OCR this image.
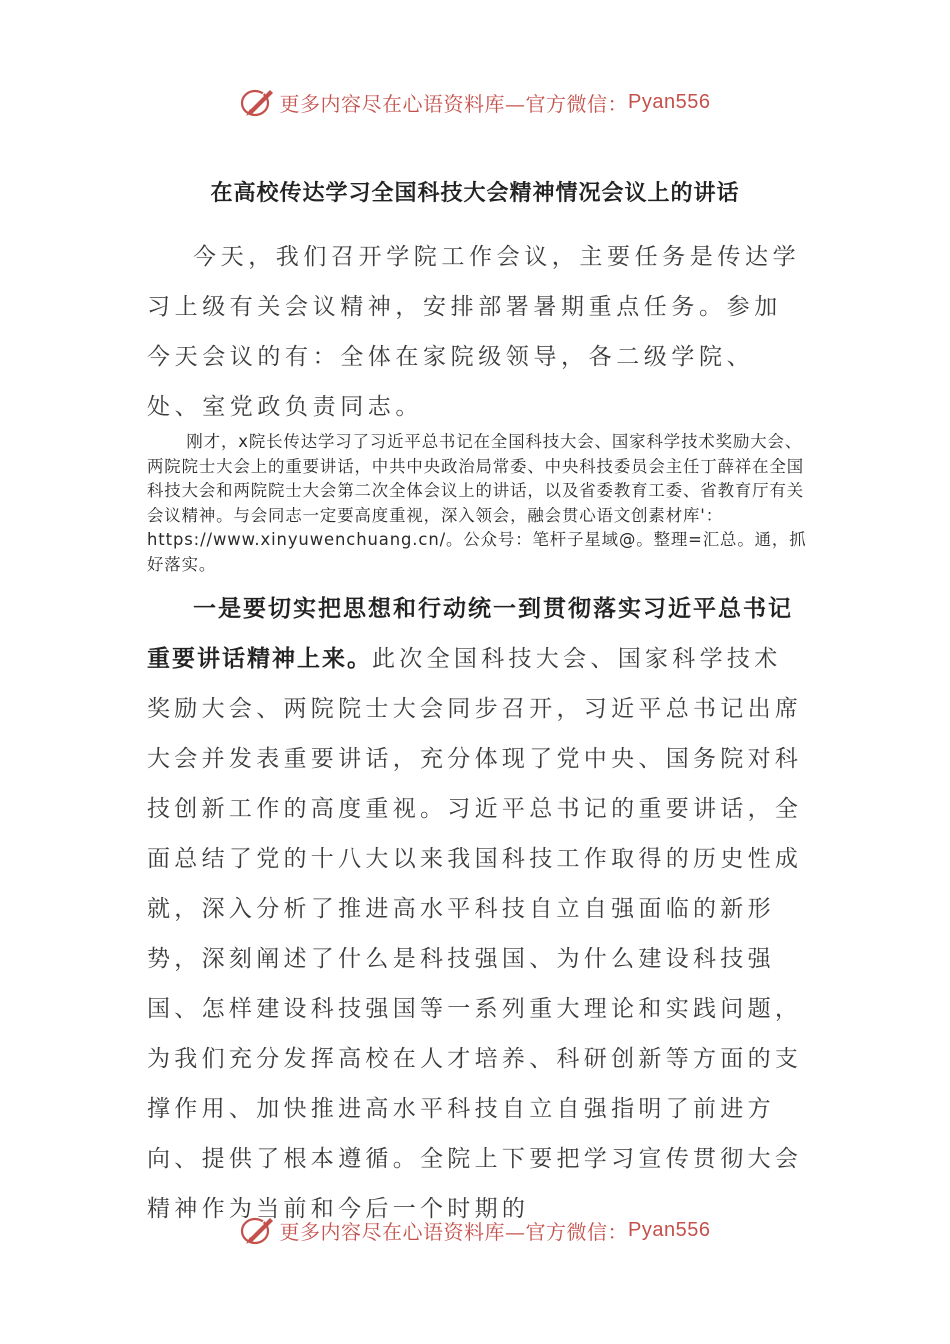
更多内容尽在心语资料库—官方微信： Pyan556
在高校传达学习全国科技大会精神情况会议上的讲话

今天，我们召开学院工作会议，主要任务是传达学习上级有关会议精神，安排部署暑期重点任务。参加今天会议的有：全体在家院级领导，各二级学院、处、室党政负责同志。

刚才，x院长传达学习了习近平总书记在全国科技大会、国家科学技术奖励大会、两院院士大会上的重要讲话，中共中央政治局常委、中央科技委员会主任丁薛祥在全国科技大会和两院院士大会第二次全体会议上的讲话，以及省委教育工委、省教育厅有关会议精神。与会同志一定要高度重视，深入领会，融会贯心语文创素材库'：https://www.xinyuwenchuang.cn/。公众号：笔杆子星域@。整理=汇总。通，抓好落实。

一是要切实把思想和行动统一到贯彻落实习近平总书记重要讲话精神上来。此次全国科技大会、国家科学技术奖励大会、两院院士大会同步召开，习近平总书记出席大会并发表重要讲话，充分体现了党中央、国务院对科技创新工作的高度重视。习近平总书记的重要讲话，全面总结了党的十八大以来我国科技工作取得的历史性成就，深入分析了推进高水平科技自立自强面临的新形势，深刻阐述了什么是科技强国、为什么建设科技强国、怎样建设科技强国等一系列重大理论和实践问题，为我们充分发挥高校在人才培养、科研创新等方面的支撑作用、加快推进高水平科技自立自强指明了前进方向、提供了根本遵循。全院上下要把学习宣传贯彻大会精神作为当前和今后一个时期的

更多内容尽在心语资料库—官方微信： Pyan556
